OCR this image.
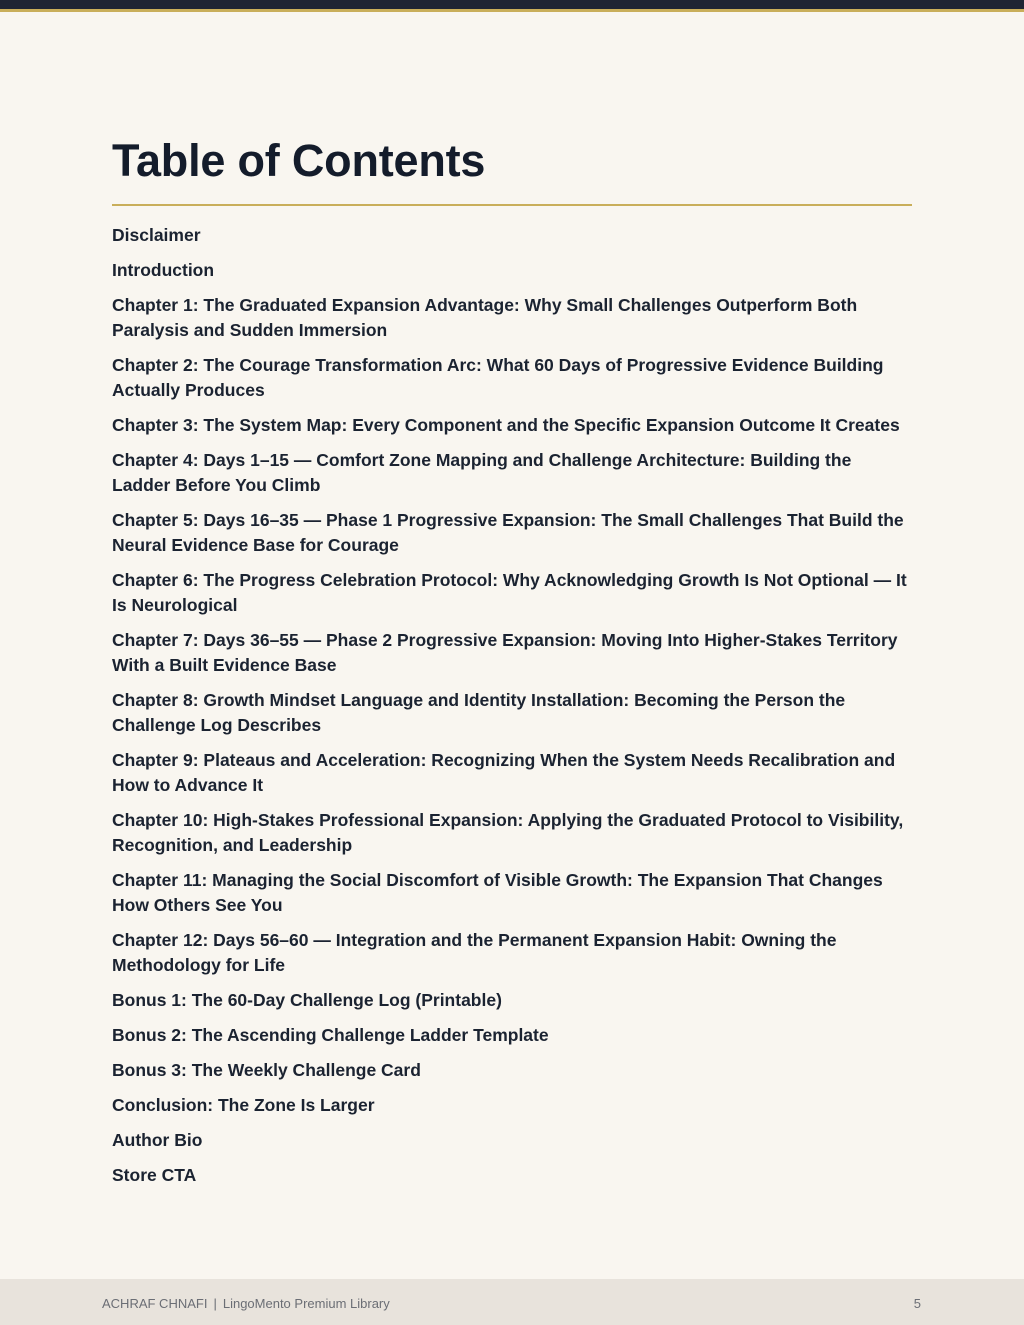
Table of Contents
Disclaimer
Introduction
Chapter 1: The Graduated Expansion Advantage: Why Small Challenges Outperform Both Paralysis and Sudden Immersion
Chapter 2: The Courage Transformation Arc: What 60 Days of Progressive Evidence Building Actually Produces
Chapter 3: The System Map: Every Component and the Specific Expansion Outcome It Creates
Chapter 4: Days 1–15 — Comfort Zone Mapping and Challenge Architecture: Building the Ladder Before You Climb
Chapter 5: Days 16–35 — Phase 1 Progressive Expansion: The Small Challenges That Build the Neural Evidence Base for Courage
Chapter 6: The Progress Celebration Protocol: Why Acknowledging Growth Is Not Optional — It Is Neurological
Chapter 7: Days 36–55 — Phase 2 Progressive Expansion: Moving Into Higher-Stakes Territory With a Built Evidence Base
Chapter 8: Growth Mindset Language and Identity Installation: Becoming the Person the Challenge Log Describes
Chapter 9: Plateaus and Acceleration: Recognizing When the System Needs Recalibration and How to Advance It
Chapter 10: High-Stakes Professional Expansion: Applying the Graduated Protocol to Visibility, Recognition, and Leadership
Chapter 11: Managing the Social Discomfort of Visible Growth: The Expansion That Changes How Others See You
Chapter 12: Days 56–60 — Integration and the Permanent Expansion Habit: Owning the Methodology for Life
Bonus 1: The 60-Day Challenge Log (Printable)
Bonus 2: The Ascending Challenge Ladder Template
Bonus 3: The Weekly Challenge Card
Conclusion: The Zone Is Larger
Author Bio
Store CTA
ACHRAF CHNAFI | LingoMento Premium Library	5
